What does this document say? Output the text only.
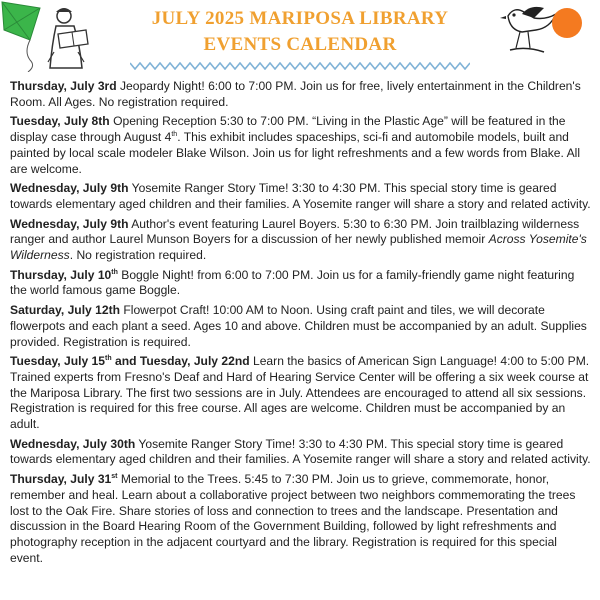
JULY 2025 MARIPOSA LIBRARY
EVENTS CALENDAR

Thursday, July 3rd Jeopardy Night! 6:00 to 7:00 PM. Join us for free, lively entertainment in the Children's Room. All Ages. No registration required.

Tuesday, July 8th Opening Reception 5:30 to 7:00 PM. “Living in the Plastic Age” will be featured in the display case through August 4th. This exhibit includes spaceships, sci-fi and automobile models, built and painted by local scale modeler Blake Wilson. Join us for light refreshments and a few words from Blake. All are welcome.

Wednesday, July 9th Yosemite Ranger Story Time! 3:30 to 4:30 PM. This special story time is geared towards elementary aged children and their families. A Yosemite ranger will share a story and related activity.

Wednesday, July 9th Author's event featuring Laurel Boyers. 5:30 to 6:30 PM. Join trailblazing wilderness ranger and author Laurel Munson Boyers for a discussion of her newly published memoir Across Yosemite's Wilderness. No registration required.

Thursday, July 10th Boggle Night! from 6:00 to 7:00 PM. Join us for a family-friendly game night featuring the world famous game Boggle.

Saturday, July 12th Flowerpot Craft! 10:00 AM to Noon. Using craft paint and tiles, we will decorate flowerpots and each plant a seed. Ages 10 and above. Children must be accompanied by an adult. Supplies provided. Registration is required.

Tuesday, July 15th and Tuesday, July 22nd Learn the basics of American Sign Language! 4:00 to 5:00 PM. Trained experts from Fresno's Deaf and Hard of Hearing Service Center will be offering a six week course at the Mariposa Library. The first two sessions are in July. Attendees are encouraged to attend all six sessions. Registration is required for this free course. All ages are welcome. Children must be accompanied by an adult.

Wednesday, July 30th Yosemite Ranger Story Time! 3:30 to 4:30 PM. This special story time is geared towards elementary aged children and their families. A Yosemite ranger will share a story and related activity.

Thursday, July 31st Memorial to the Trees. 5:45 to 7:30 PM. Join us to grieve, commemorate, honor, remember and heal. Learn about a collaborative project between two neighbors commemorating the trees lost to the Oak Fire. Share stories of loss and connection to trees and the landscape. Presentation and discussion in the Board Hearing Room of the Government Building, followed by light refreshments and photography reception in the adjacent courtyard and the library. Registration is required for this special event.
